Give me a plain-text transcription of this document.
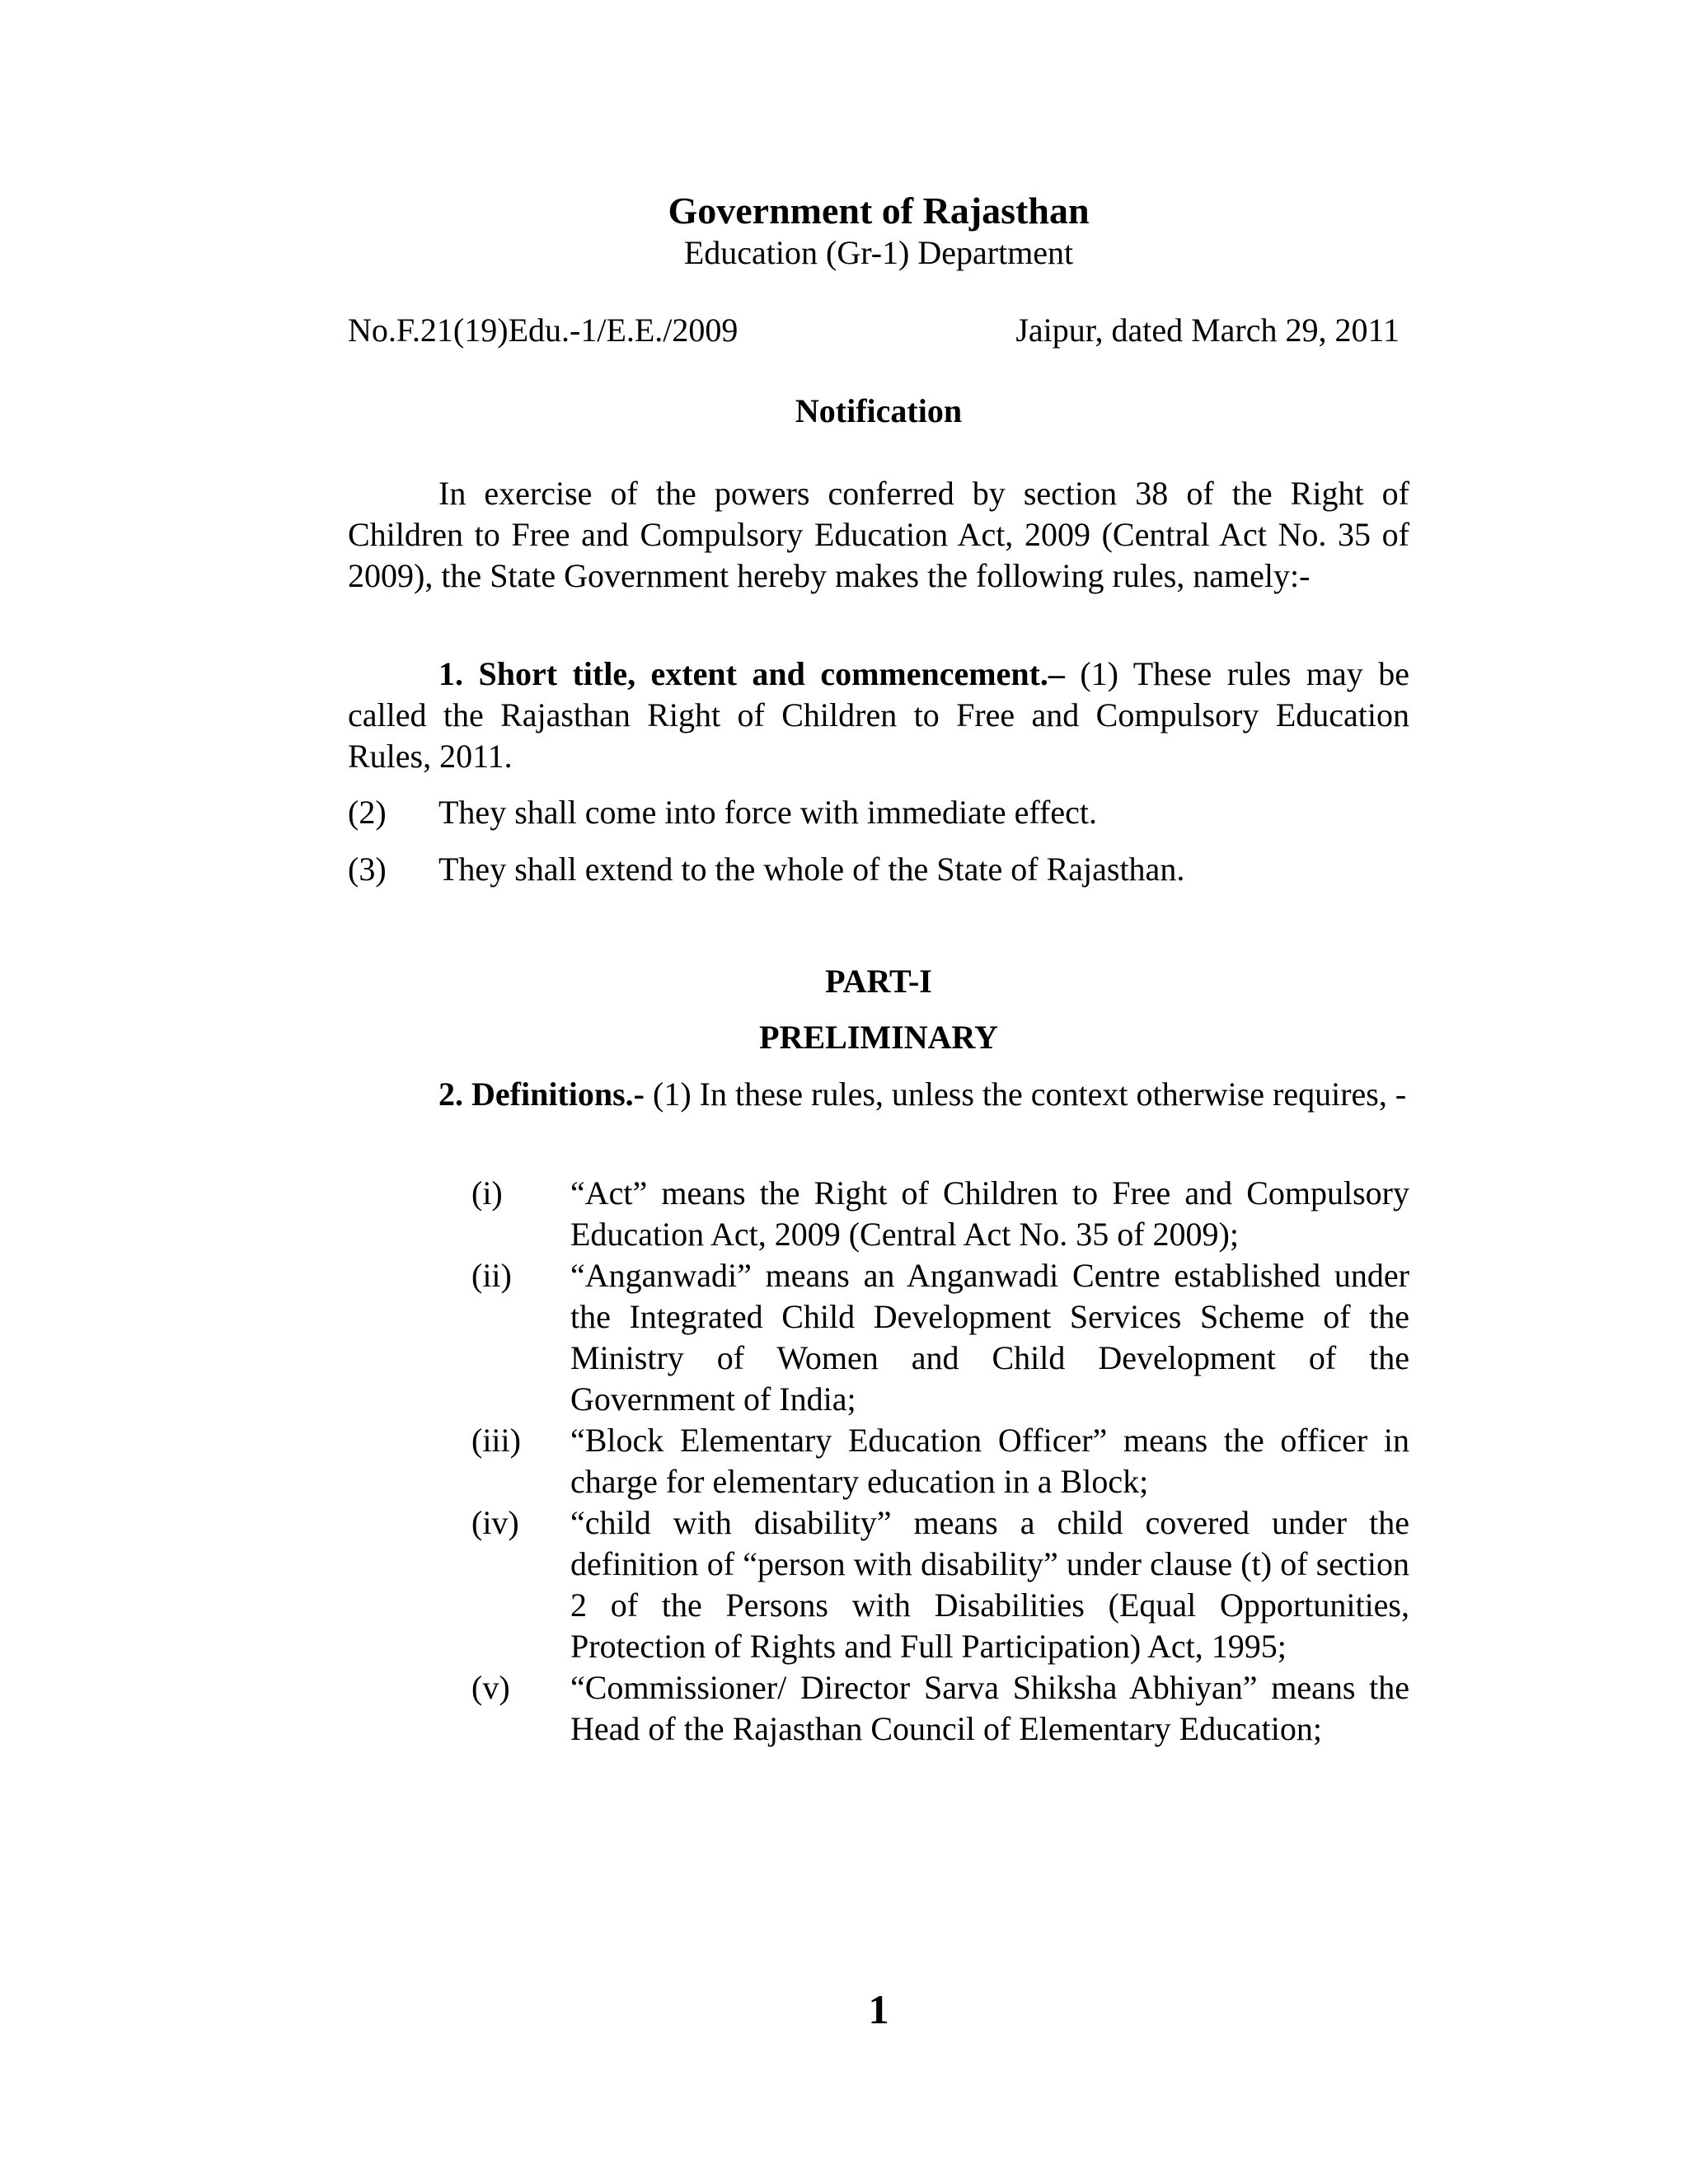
Government of Rajasthan
Education (Gr-1) Department
No.F.21(19)Edu.-1/E.E./2009	Jaipur, dated March 29, 2011
Notification
In exercise of the powers conferred by section 38 of the Right of Children to Free and Compulsory Education Act, 2009 (Central Act No. 35 of 2009), the State Government hereby makes the following rules, namely:-
1. Short title, extent and commencement.– (1) These rules may be called the Rajasthan Right of Children to Free and Compulsory Education Rules, 2011.
(2) They shall come into force with immediate effect.
(3) They shall extend to the whole of the State of Rajasthan.
PART-I
PRELIMINARY
2. Definitions.- (1) In these rules, unless the context otherwise requires, -
(i)	“Act” means the Right of Children to Free and Compulsory Education Act, 2009 (Central Act No. 35 of 2009);
(ii)	“Anganwadi” means an Anganwadi Centre established under the Integrated Child Development Services Scheme of the Ministry of Women and Child Development of the Government of India;
(iii)	“Block Elementary Education Officer” means the officer in charge for elementary education in a Block;
(iv)	“child with disability” means a child covered under the definition of “person with disability” under clause (t) of section 2 of the Persons with Disabilities (Equal Opportunities, Protection of Rights and Full Participation) Act, 1995;
(v)	“Commissioner/ Director Sarva Shiksha Abhiyan” means the Head of the Rajasthan Council of Elementary Education;
1
